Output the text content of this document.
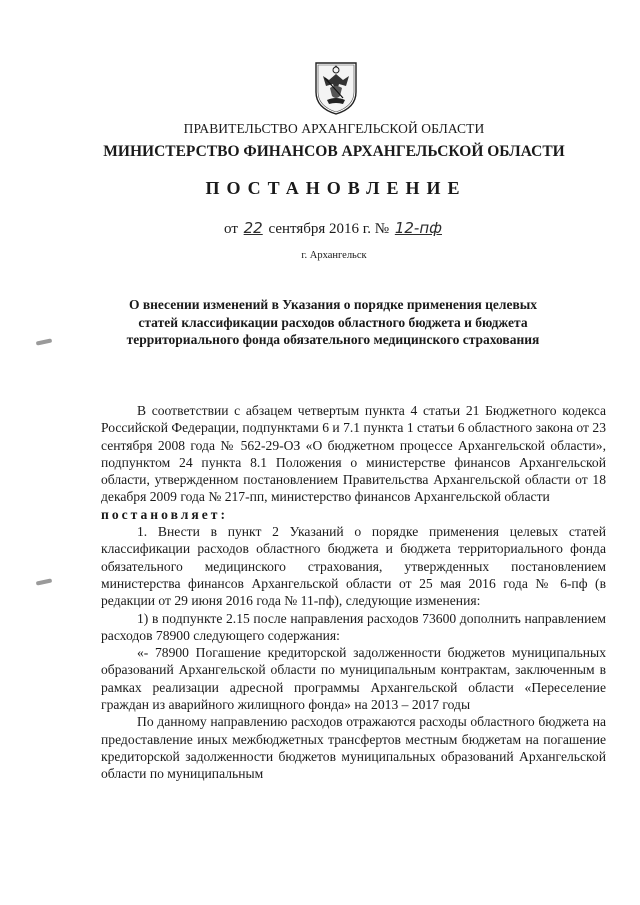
ПРАВИТЕЛЬСТВО АРХАНГЕЛЬСКОЙ ОБЛАСТИ
МИНИСТЕРСТВО ФИНАНСОВ АРХАНГЕЛЬСКОЙ ОБЛАСТИ
ПОСТАНОВЛЕНИЕ
от 22 сентября 2016 г. № 12-пф
г. Архангельск
О внесении изменений в Указания о порядке применения целевых статей классификации расходов областного бюджета и бюджета территориального фонда обязательного медицинского страхования

В соответствии с абзацем четвертым пункта 4 статьи 21 Бюджетного кодекса Российской Федерации, подпунктами 6 и 7.1 пункта 1 статьи 6 областного закона от 23 сентября 2008 года № 562-29-ОЗ «О бюджетном процессе Архангельской области», подпунктом 24 пункта 8.1 Положения о министерстве финансов Архангельской области, утвержденном постановлением Правительства Архангельской области от 18 декабря 2009 года № 217-пп, министерство финансов Архангельской области

постановляет:

1. Внести в пункт 2 Указаний о порядке применения целевых статей классификации расходов областного бюджета и бюджета территориального фонда обязательного медицинского страхования, утвержденных постановлением министерства финансов Архангельской области от 25 мая 2016 года № 6-пф (в редакции от 29 июня 2016 года № 11-пф), следующие изменения:

1) в подпункте 2.15 после направления расходов 73600 дополнить направлением расходов 78900 следующего содержания:

«- 78900 Погашение кредиторской задолженности бюджетов муниципальных образований Архангельской области по муниципальным контрактам, заключенным в рамках реализации адресной программы Архангельской области «Переселение граждан из аварийного жилищного фонда» на 2013 – 2017 годы

По данному направлению расходов отражаются расходы областного бюджета на предоставление иных межбюджетных трансфертов местным бюджетам на погашение кредиторской задолженности бюджетов муниципальных образований Архангельской области по муниципальным
